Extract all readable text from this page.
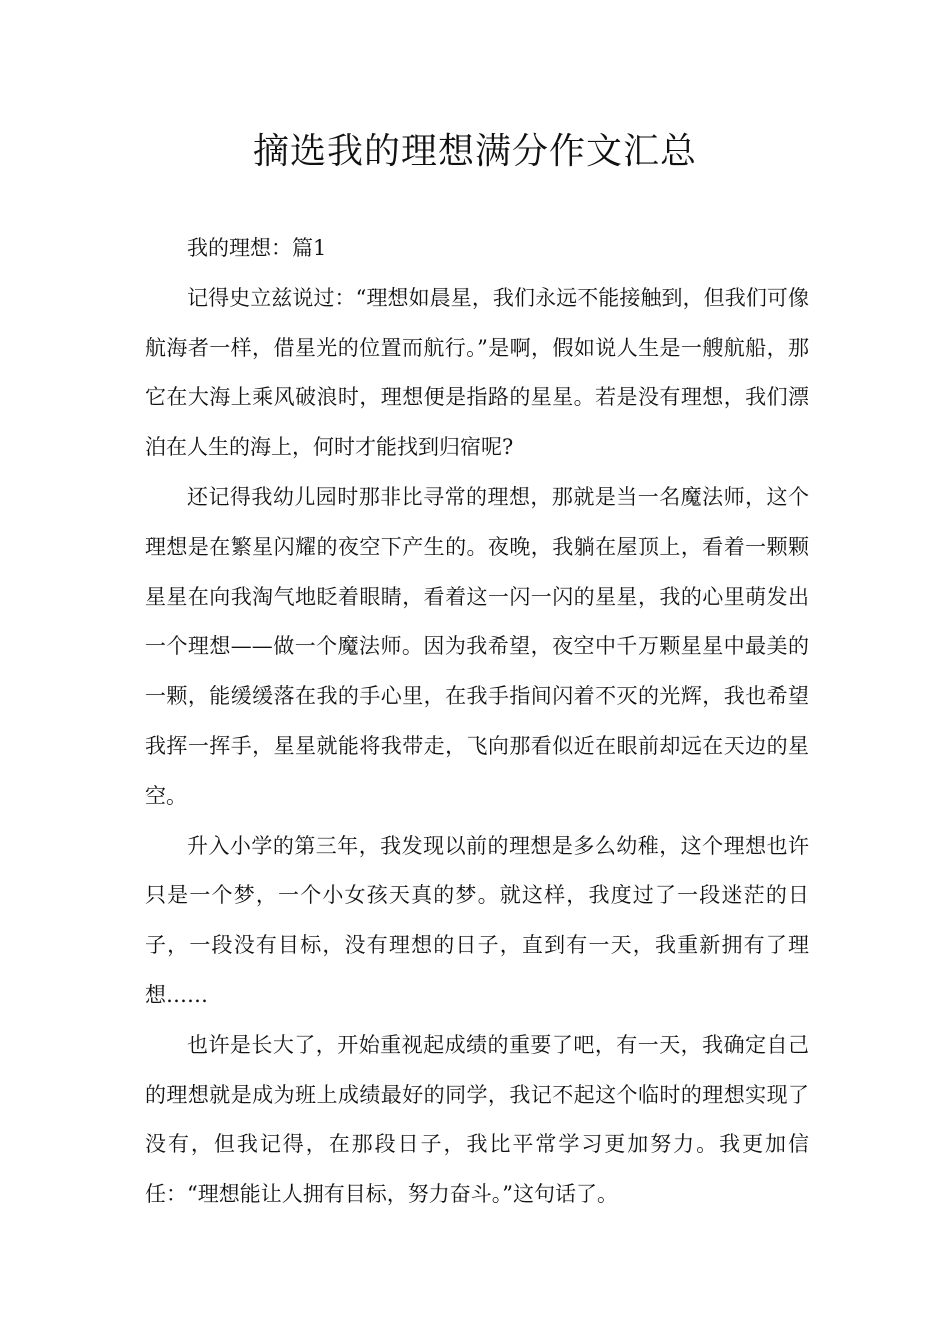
摘选我的理想满分作文汇总

我的理想：篇1

记得史立兹说过：“理想如晨星，我们永远不能接触到，但我们可像航海者一样，借星光的位置而航行。”是啊，假如说人生是一艘航船，那它在大海上乘风破浪时，理想便是指路的星星。若是没有理想，我们漂泊在人生的海上，何时才能找到归宿呢?

还记得我幼儿园时那非比寻常的理想，那就是当一名魔法师，这个理想是在繁星闪耀的夜空下产生的。夜晚，我躺在屋顶上，看着一颗颗星星在向我淘气地眨着眼睛，看着这一闪一闪的星星，我的心里萌发出一个理想——做一个魔法师。因为我希望，夜空中千万颗星星中最美的一颗，能缓缓落在我的手心里，在我手指间闪着不灭的光辉，我也希望我挥一挥手，星星就能将我带走，飞向那看似近在眼前却远在天边的星空。

升入小学的第三年，我发现以前的理想是多么幼稚，这个理想也许只是一个梦，一个小女孩天真的梦。就这样，我度过了一段迷茫的日子，一段没有目标，没有理想的日子，直到有一天，我重新拥有了理想……

也许是长大了，开始重视起成绩的重要了吧，有一天，我确定自己的理想就是成为班上成绩最好的同学，我记不起这个临时的理想实现了没有，但我记得，在那段日子，我比平常学习更加努力。我更加信任：“理想能让人拥有目标，努力奋斗。”这句话了。
